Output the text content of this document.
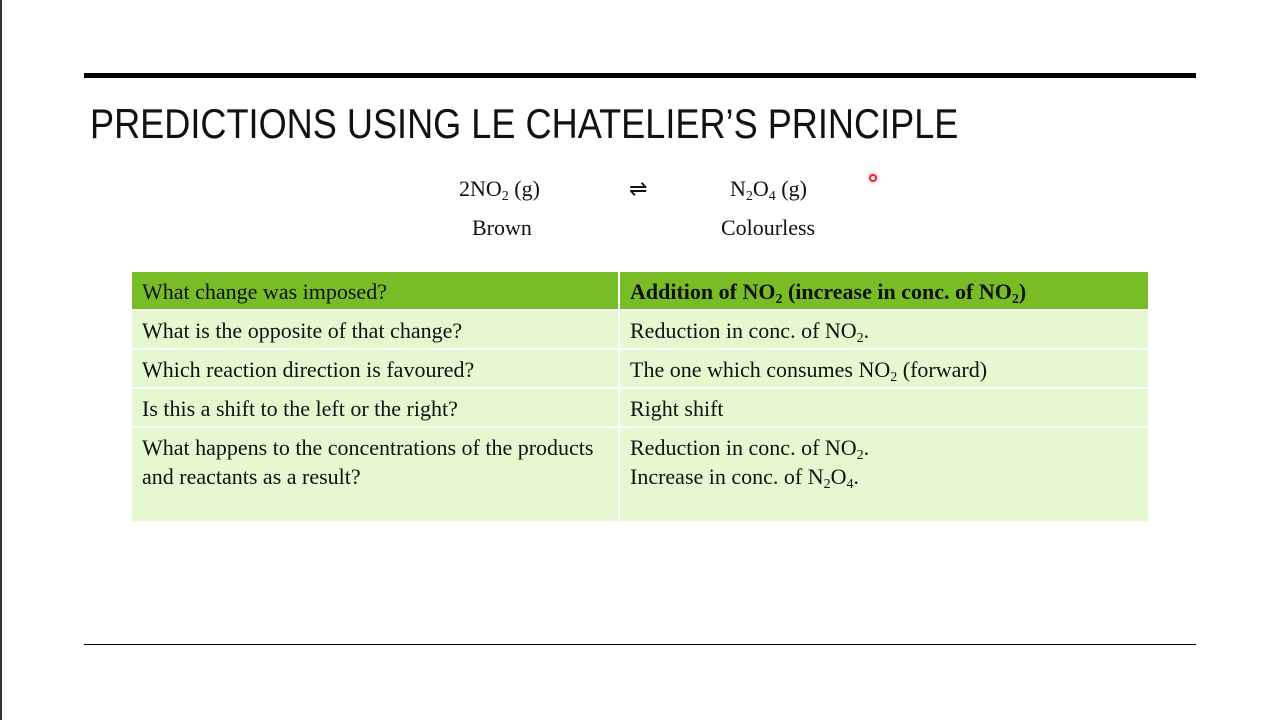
PREDICTIONS USING LE CHATELIER’S PRINCIPLE
$2NO_2$ (g)	⇌	$N_2O_4$ (g)
Brown	Colourless
What change was imposed?	Addition of $NO_2$ (increase in conc. of $NO_2$)
What is the opposite of that change?	Reduction in conc. of $NO_2$.
Which reaction direction is favoured?	The one which consumes $NO_2$ (forward)
Is this a shift to the left or the right?	Right shift
What happens to the concentrations of the products and reactants as a result?	Reduction in conc. of $NO_2$.
Increase in conc. of $N_2O_4$.
